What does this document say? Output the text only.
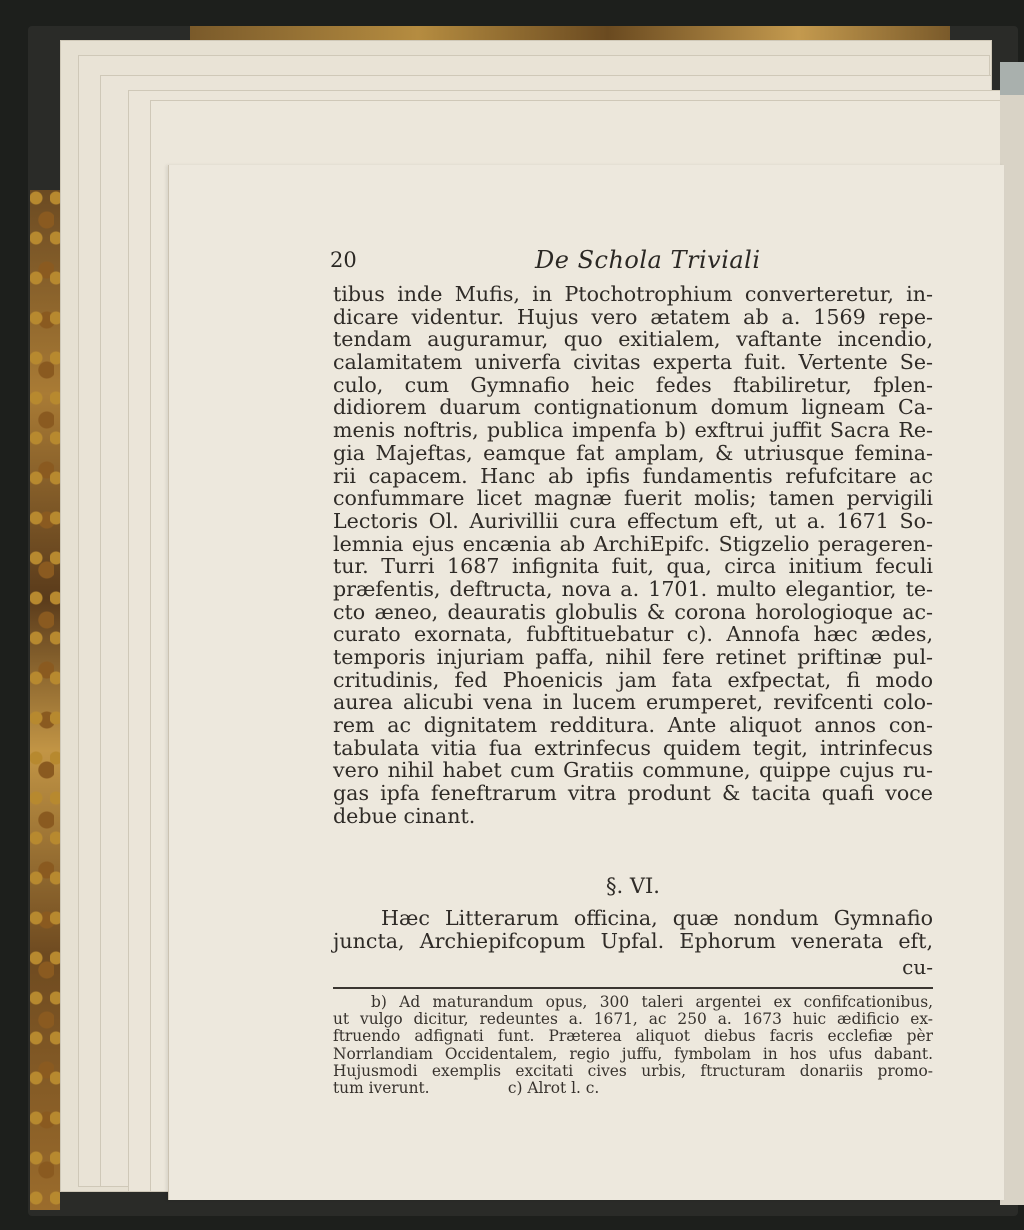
20	De Schola Triviali
tibus inde Mufis, in Ptochotrophium converteretur, in-
dicare videntur. Hujus vero ætatem ab a. 1569 repe-
tendam auguramur, quo exitialem, vaftante incendio,
calamitatem univerfa civitas experta fuit. Vertente Se-
culo, cum Gymnafio heic fedes ftabiliretur, fplen-
didiorem duarum contignationum domum ligneam Ca-
menis noftris, publica impenfa b) exftrui juffit Sacra Re-
gia Majeftas, eamque fat amplam, & utriusque femina-
rii capacem. Hanc ab ipfis fundamentis refufcitare ac
confummare licet magnæ fuerit molis; tamen pervigili
Lectoris Ol. Aurivillii cura effectum eft, ut a. 1671 So-
lemnia ejus encænia ab ArchiEpifc. Stigzelio perageren-
tur. Turri 1687 infignita fuit, qua, circa initium feculi
præfentis, deftructa, nova a. 1701. multo elegantior, te-
cto æneo, deauratis globulis & corona horologioque ac-
curato exornata, fubftituebatur c). Annofa hæc ædes,
temporis injuriam paffa, nihil fere retinet priftinæ pul-
critudinis, fed Phoenicis jam fata exfpectat, fi modo
aurea alicubi vena in lucem erumperet, revifcenti colo-
rem ac dignitatem redditura. Ante aliquot annos con-
tabulata vitia fua extrinfecus quidem tegit, intrinfecus
vero nihil habet cum Gratiis commune, quippe cujus ru-
gas ipfa feneftrarum vitra produnt & tacita quafi voce
debue cinant.
§. VI.
Hæc Litterarum officina, quæ nondum Gymnafio
juncta, Archiepifcopum Upfal. Ephorum venerata eft,
cu-
b) Ad maturandum opus, 300 taleri argentei ex confifcationibus,
ut vulgo dicitur, redeuntes a. 1671, ac 250 a. 1673 huic ædificio ex-
ftruendo adfignati funt. Præterea aliquot diebus facris ecclefiæ pèr
Norrlandiam Occidentalem, regio juffu, fymbolam in hos ufus dabant.
Hujusmodi exemplis excitati cives urbis, ftructuram donariis promo-
tum iverunt.                c) Alrot l. c.
